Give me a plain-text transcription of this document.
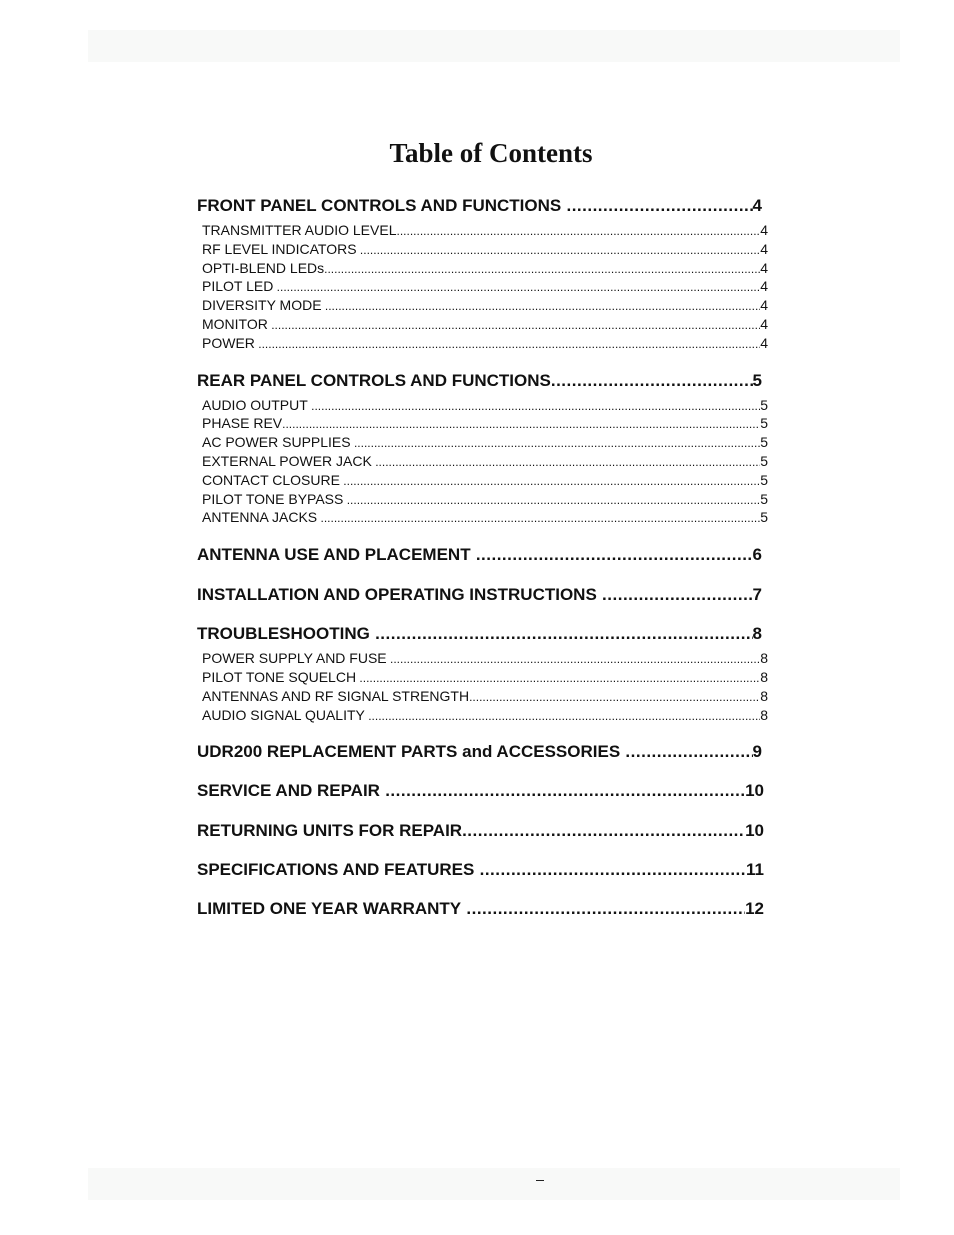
Table of Contents
FRONT PANEL CONTROLS AND FUNCTIONS .....	4
TRANSMITTER AUDIO LEVEL .....	4
RF LEVEL INDICATORS .....	4
OPTI-BLEND LEDs .....	4
PILOT LED .....	4
DIVERSITY MODE .....	4
MONITOR .....	4
POWER .....	4
REAR PANEL CONTROLS AND FUNCTIONS .....	5
AUDIO OUTPUT .....	5
PHASE REV .....	5
AC POWER SUPPLIES .....	5
EXTERNAL POWER JACK .....	5
CONTACT CLOSURE .....	5
PILOT TONE BYPASS .....	5
ANTENNA JACKS .....	5
ANTENNA USE AND PLACEMENT .....	6
INSTALLATION AND OPERATING INSTRUCTIONS .....	7
TROUBLESHOOTING .....	8
POWER SUPPLY AND FUSE .....	8
PILOT TONE SQUELCH .....	8
ANTENNAS AND RF SIGNAL STRENGTH .....	8
AUDIO SIGNAL QUALITY .....	8
UDR200 REPLACEMENT PARTS and ACCESSORIES .....	9
SERVICE AND REPAIR .....	10
RETURNING UNITS FOR REPAIR .....	10
SPECIFICATIONS AND FEATURES .....	11
LIMITED ONE YEAR WARRANTY .....	12
